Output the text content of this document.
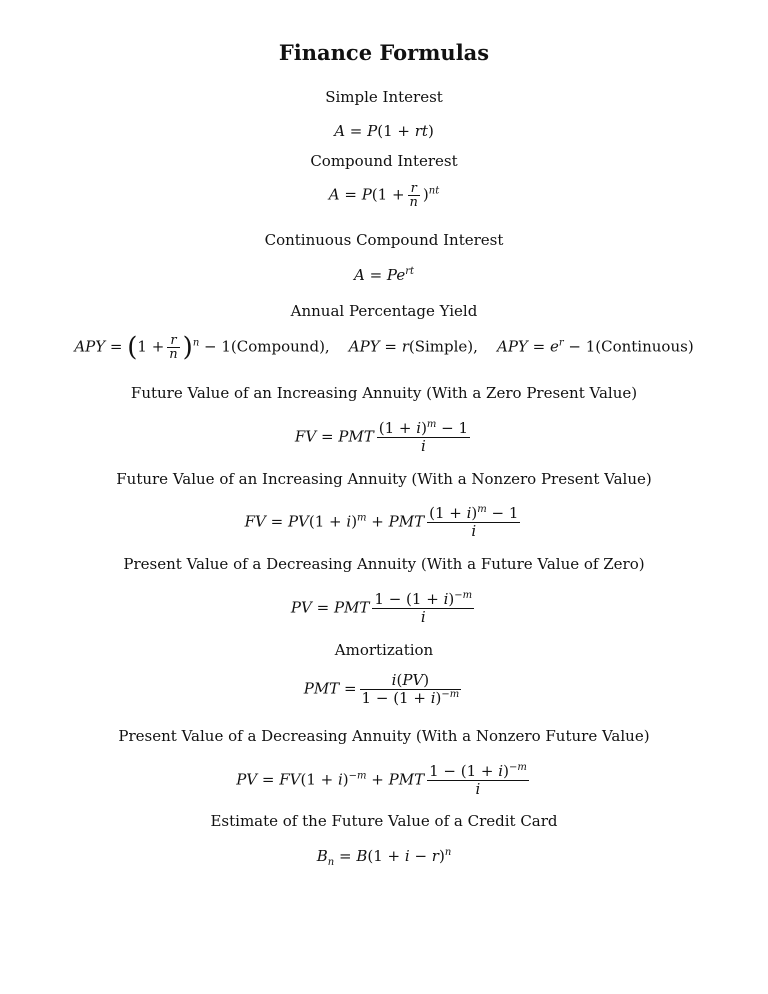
Finance Formulas
Simple Interest
A = P(1 + rt)
Compound Interest
$A = P(1 + \frac{r}{n} )^{nt}$
Continuous Compound Interest
$A = Pe^{rt}$
Annual Percentage Yield
APY = $(1 + \frac{r}{n} )^n$ − 1(Compound),    APY = r(Simple),    APY = $e^r$ − 1(Continuous)
Future Value of an Increasing Annuity (With a Zero Present Value)
FV = PMT $\frac{(1 + i)^m - 1}{i}$
Future Value of an Increasing Annuity (With a Nonzero Present Value)
FV = $PV(1 + i)^m$ + PMT $\frac{(1 + i)^m - 1}{i}$
Present Value of a Decreasing Annuity (With a Future Value of Zero)
PV = PMT $\frac{1 - (1 + i)^{-m}}{i}$
Amortization
PMT = $\frac{i(PV)}{1 - (1 + i)^{-m}}$
Present Value of a Decreasing Annuity (With a Nonzero Future Value)
PV = $FV(1 + i)^{-m}$ + PMT $\frac{1 - (1 + i)^{-m}}{i}$
Estimate of the Future Value of a Credit Card
$B_n = B(1 + i - r)^n$
